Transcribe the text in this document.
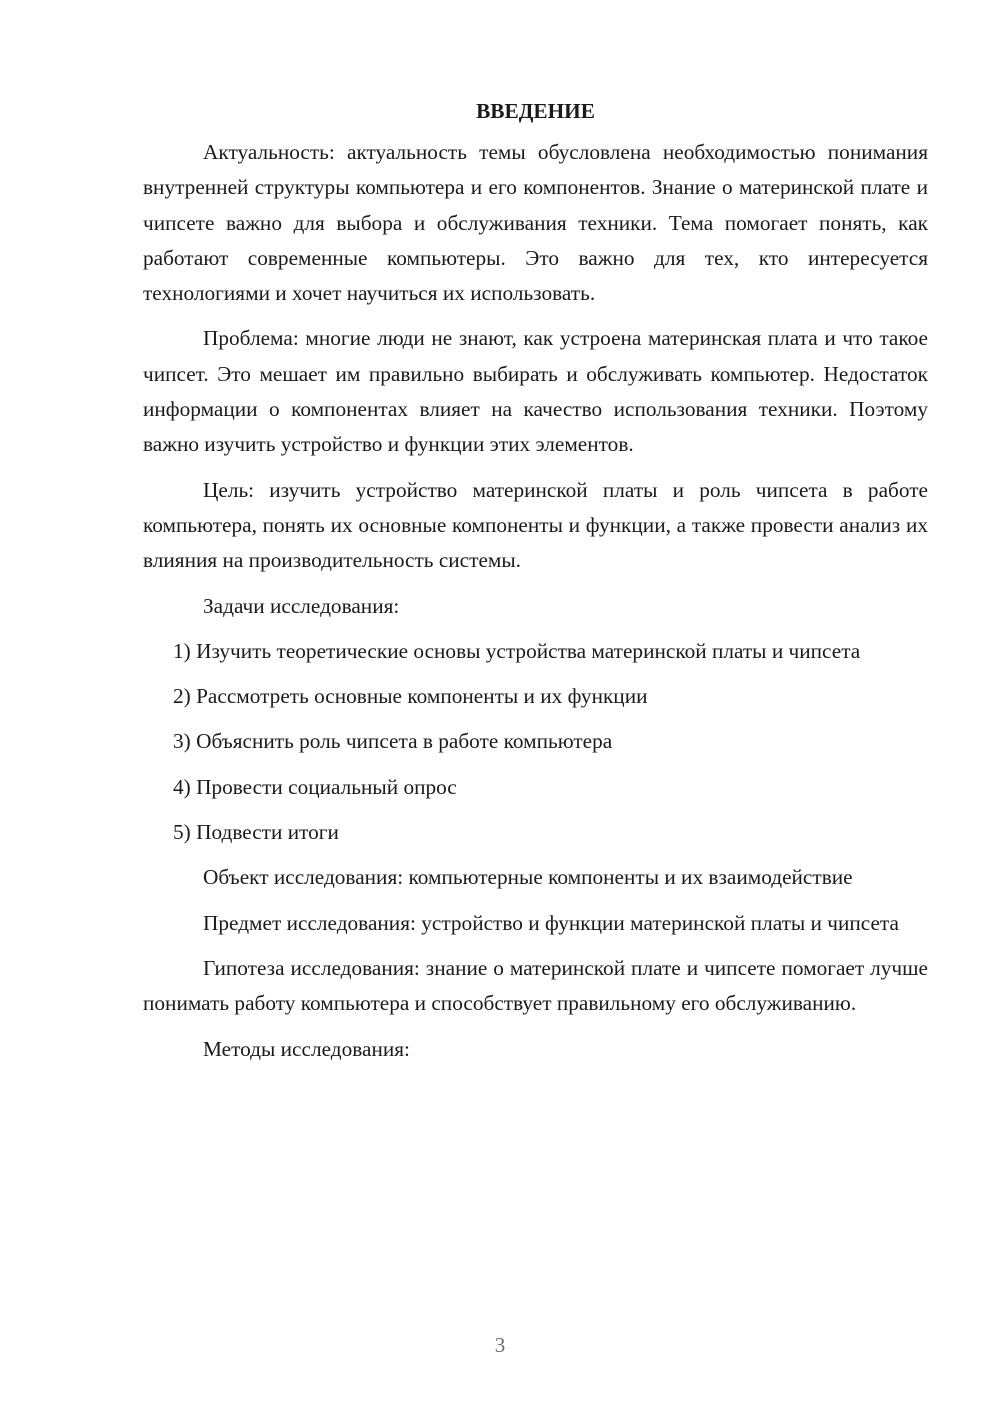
ВВЕДЕНИЕ

Актуальность: актуальность темы обусловлена необходимостью понимания внутренней структуры компьютера и его компонентов. Знание о материнской плате и чипсете важно для выбора и обслуживания техники. Тема помогает понять, как работают современные компьютеры. Это важно для тех, кто интересуется технологиями и хочет научиться их использовать.

Проблема: многие люди не знают, как устроена материнская плата и что такое чипсет. Это мешает им правильно выбирать и обслуживать компьютер. Недостаток информации о компонентах влияет на качество использования техники. Поэтому важно изучить устройство и функции этих элементов.

Цель: изучить устройство материнской платы и роль чипсета в работе компьютера, понять их основные компоненты и функции, а также провести анализ их влияния на производительность системы.

Задачи исследования:

1) Изучить теоретические основы устройства материнской платы и чипсета

2) Рассмотреть основные компоненты и их функции

3) Объяснить роль чипсета в работе компьютера

4) Провести социальный опрос

5) Подвести итоги

Объект исследования: компьютерные компоненты и их взаимодействие

Предмет исследования: устройство и функции материнской платы и чипсета

Гипотеза исследования: знание о материнской плате и чипсете помогает лучше понимать работу компьютера и способствует правильному его обслуживанию.

Методы исследования:

3
